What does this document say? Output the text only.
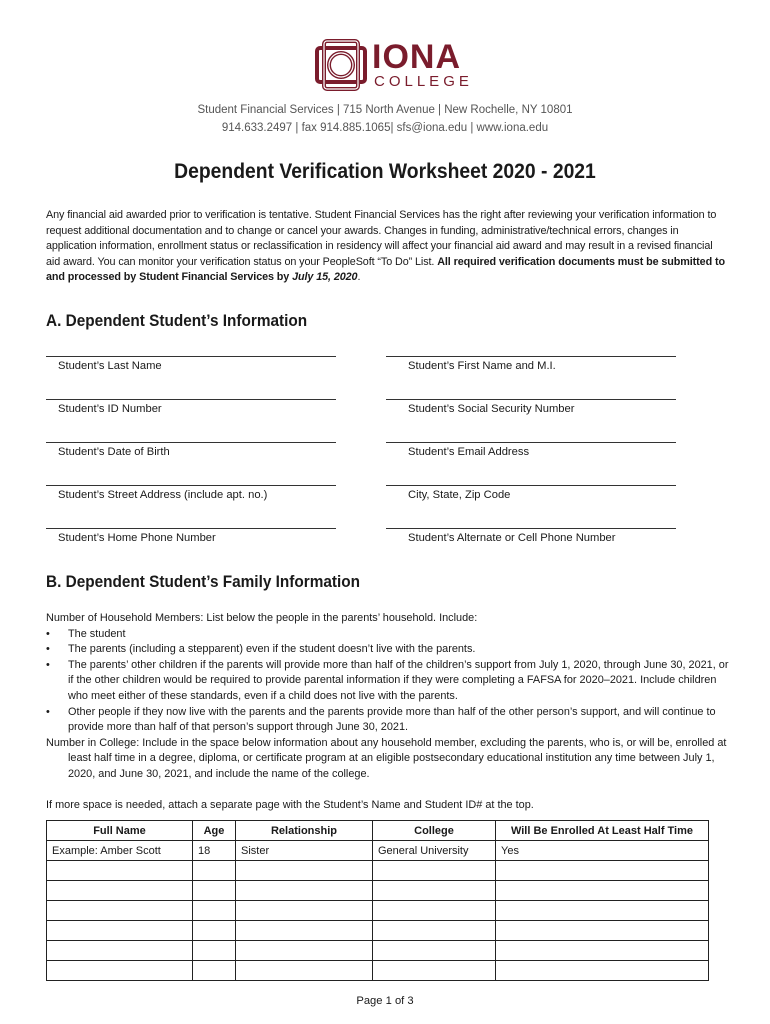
IONA
COLLEGE
Student Financial Services | 715 North Avenue | New Rochelle, NY 10801
914.633.2497 | fax 914.885.1065| sfs@iona.edu | www.iona.edu
Dependent Verification Worksheet 2020 - 2021
Any financial aid awarded prior to verification is tentative. Student Financial Services has the right after reviewing your verification information to request additional documentation and to change or cancel your awards. Changes in funding, administrative/technical errors, changes in application information, enrollment status or reclassification in residency will affect your financial aid award and may result in a revised financial aid award. You can monitor your verification status on your PeopleSoft “To Do” List. All required verification documents must be submitted to and processed by Student Financial Services by July 15, 2020.
A. Dependent Student’s Information
Student’s Last Name	Student’s First Name and M.I.
Student’s ID Number	Student’s Social Security Number
Student’s Date of Birth	Student’s Email Address
Student’s Street Address (include apt. no.)	City, State, Zip Code
Student’s Home Phone Number	Student’s Alternate or Cell Phone Number
B. Dependent Student’s Family Information
Number of Household Members: List below the people in the parents’ household. Include:
• The student
• The parents (including a stepparent) even if the student doesn’t live with the parents.
• The parents’ other children if the parents will provide more than half of the children’s support from July 1, 2020, through June 30, 2021, or if the other children would be required to provide parental information if they were completing a FAFSA for 2020–2021. Include children who meet either of these standards, even if a child does not live with the parents.
• Other people if they now live with the parents and the parents provide more than half of the other person’s support, and will continue to provide more than half of that person’s support through June 30, 2021.
Number in College: Include in the space below information about any household member, excluding the parents, who is, or will be, enrolled at least half time in a degree, diploma, or certificate program at an eligible postsecondary educational institution any time between July 1, 2020, and June 30, 2021, and include the name of the college.
If more space is needed, attach a separate page with the Student’s Name and Student ID# at the top.
Full Name	Age	Relationship	College	Will Be Enrolled At Least Half Time
Example: Amber Scott	18	Sister	General University	Yes

Page 1 of 3
